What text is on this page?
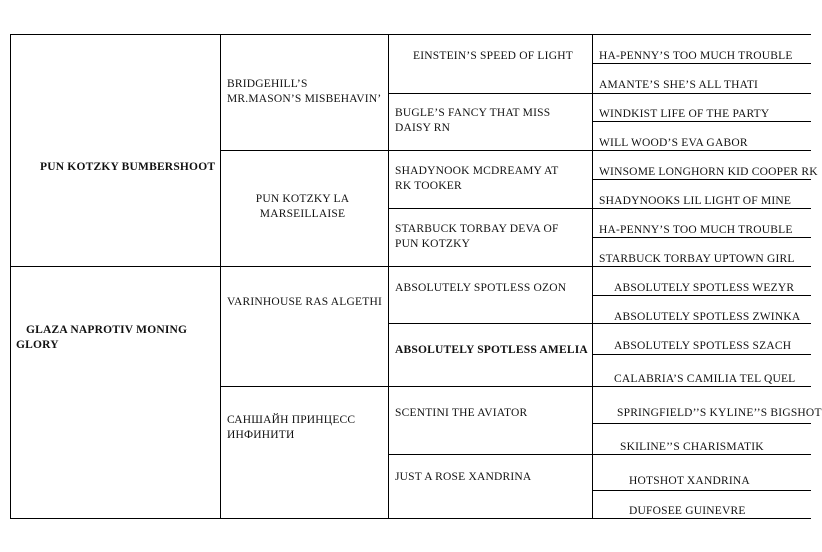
PUN KOTZKY BUMBERSHOOT
GLAZA NAPROTIV MONING GLORY
BRIDGEHILL’S MR.MASON’S MISBEHAVIN’
PUN KOTZKY LA MARSEILLAISE
VARINHOUSE RAS ALGETHI
САНШАЙН ПРИНЦЕСС ИНФИНИТИ
EINSTEIN’S SPEED OF LIGHT
BUGLE’S FANCY THAT MISS DAISY RN
SHADYNOOK MCDREAMY AT RK TOOKER
STARBUCK TORBAY DEVA OF PUN KOTZKY
ABSOLUTELY SPOTLESS OZON
ABSOLUTELY SPOTLESS AMELIA
SCENTINI THE AVIATOR
JUST A ROSE XANDRINA
HA-PENNY’S TOO MUCH TROUBLE
AMANTE’S SHE’S ALL THATI
WINDKIST LIFE OF THE PARTY
WILL WOOD’S EVA GABOR
WINSOME LONGHORN KID COOPER RK
SHADYNOOKS LIL LIGHT OF MINE
HA-PENNY’S TOO MUCH TROUBLE
STARBUCK TORBAY UPTOWN GIRL
ABSOLUTELY SPOTLESS WEZYR
ABSOLUTELY SPOTLESS ZWINKA
ABSOLUTELY SPOTLESS SZACH
CALABRIA’S CAMILIA TEL QUEL
SPRINGFIELD’’S KYLINE’’S BIGSHOT
SKILINE’’S CHARISMATIK
HOTSHOT XANDRINA
DUFOSEE GUINEVRE
